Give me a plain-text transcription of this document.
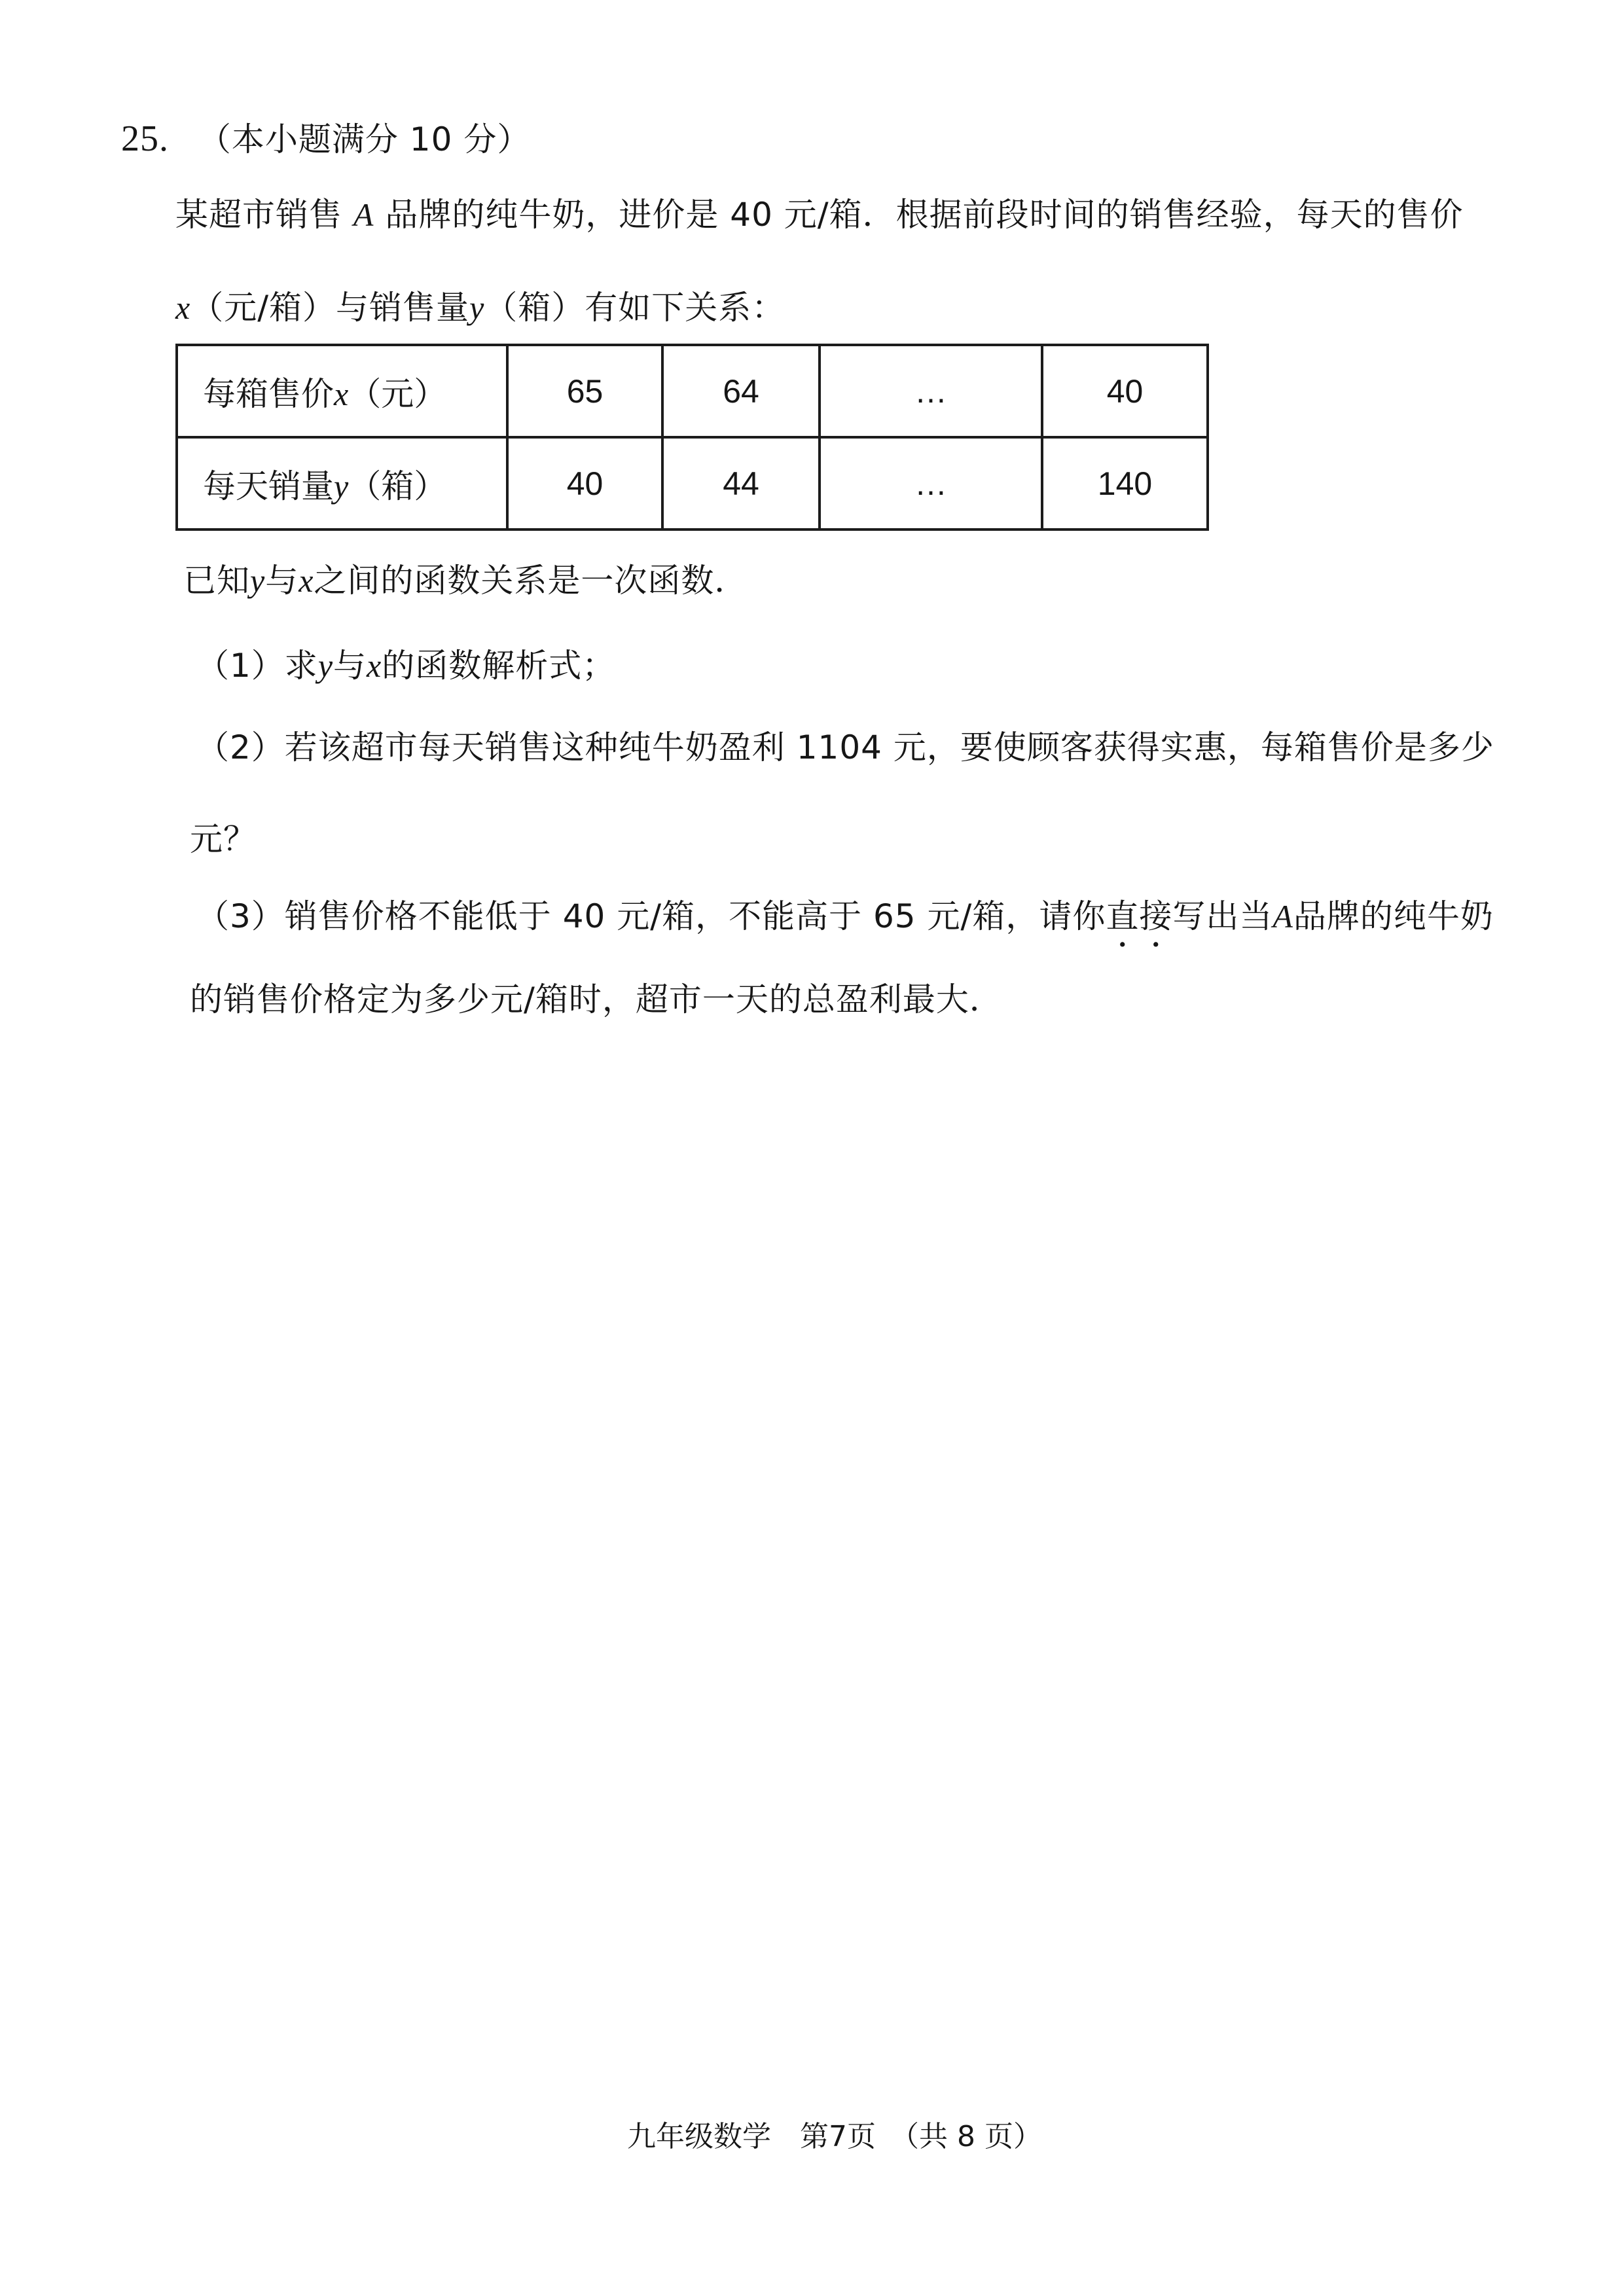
25. （本小题满分 10 分）
某超市销售 A 品牌的纯牛奶，进价是 40 元/箱．根据前段时间的销售经验，每天的售价
x（元/箱）与销售量y（箱）有如下关系：
每箱售价x（元）	65	64	…	40
每天销量y（箱）	40	44	…	140
已知y与x之间的函数关系是一次函数．
（1）求y与x的函数解析式；
（2）若该超市每天销售这种纯牛奶盈利 1104 元，要使顾客获得实惠，每箱售价是多少
元？
（3）销售价格不能低于 40 元/箱，不能高于 65 元/箱，请你直接写出当A品牌的纯牛奶
的销售价格定为多少元/箱时，超市一天的总盈利最大．
九年级数学　第7页　（共 8 页）
